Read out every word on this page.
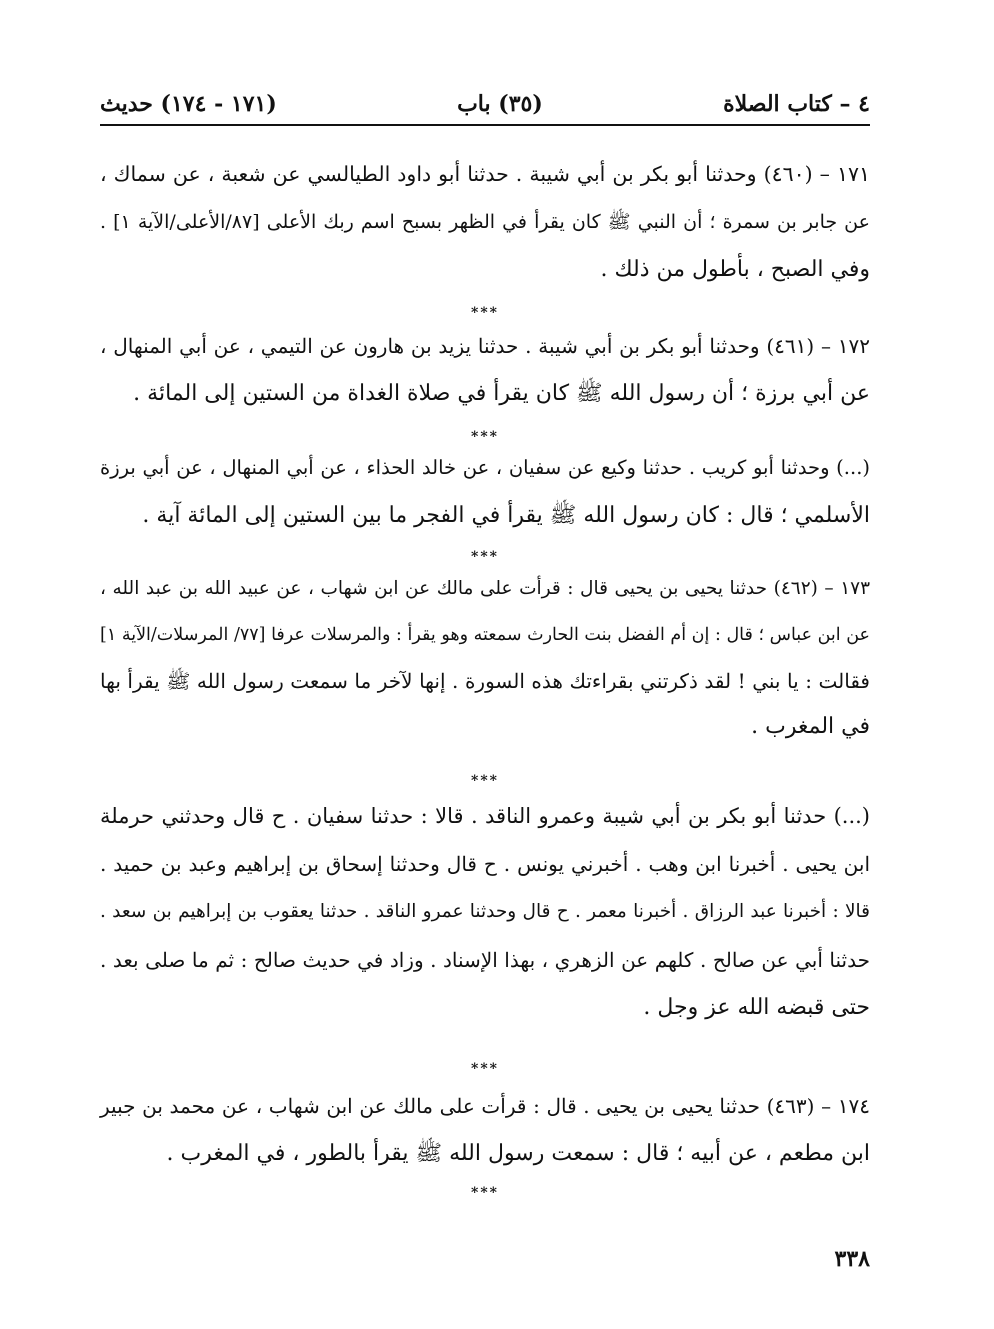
٤ – كتاب الصلاة
(٣٥) باب
(١٧١ - ١٧٤) حديث
١٧١ – (٤٦٠) وحدثنا أبو بكر بن أبي شيبة . حدثنا أبو داود الطيالسي عن شعبة ، عن سماك ،
عن جابر بن سمرة ؛ أن النبي ﷺ كان يقرأ في الظهر بسبح اسم ربك الأعلى [٨٧/الأعلى/الآية ١] .
وفي الصبح ، بأطول من ذلك .
***
١٧٢ – (٤٦١) وحدثنا أبو بكر بن أبي شيبة . حدثنا يزيد بن هارون عن التيمي ، عن أبي المنهال ،
عن أبي برزة ؛ أن رسول الله ﷺ كان يقرأ في صلاة الغداة من الستين إلى المائة .
***
(...) وحدثنا أبو كريب . حدثنا وكيع عن سفيان ، عن خالد الحذاء ، عن أبي المنهال ، عن أبي برزة
الأسلمي ؛ قال : كان رسول الله ﷺ يقرأ في الفجر ما بين الستين إلى المائة آية .
***
١٧٣ – (٤٦٢) حدثنا يحيى بن يحيى قال : قرأت على مالك عن ابن شهاب ، عن عبيد الله بن عبد الله ،
عن ابن عباس ؛ قال : إن أم الفضل بنت الحارث سمعته وهو يقرأ : والمرسلات عرفا [٧٧/ المرسلات/الآية ١]
فقالت : يا بني ! لقد ذكرتني بقراءتك هذه السورة . إنها لآخر ما سمعت رسول الله ﷺ يقرأ بها
في المغرب .
***
(...) حدثنا أبو بكر بن أبي شيبة وعمرو الناقد . قالا : حدثنا سفيان . ح قال وحدثني حرملة
ابن يحيى . أخبرنا ابن وهب . أخبرني يونس . ح قال وحدثنا إسحاق بن إبراهيم وعبد بن حميد .
قالا : أخبرنا عبد الرزاق . أخبرنا معمر . ح قال وحدثنا عمرو الناقد . حدثنا يعقوب بن إبراهيم بن سعد .
حدثنا أبي عن صالح . كلهم عن الزهري ، بهذا الإسناد . وزاد في حديث صالح : ثم ما صلى بعد .
حتى قبضه الله عز وجل .
***
١٧٤ – (٤٦٣) حدثنا يحيى بن يحيى . قال : قرأت على مالك عن ابن شهاب ، عن محمد بن جبير
ابن مطعم ، عن أبيه ؛ قال : سمعت رسول الله ﷺ يقرأ بالطور ، في المغرب .
***
٣٣٨
